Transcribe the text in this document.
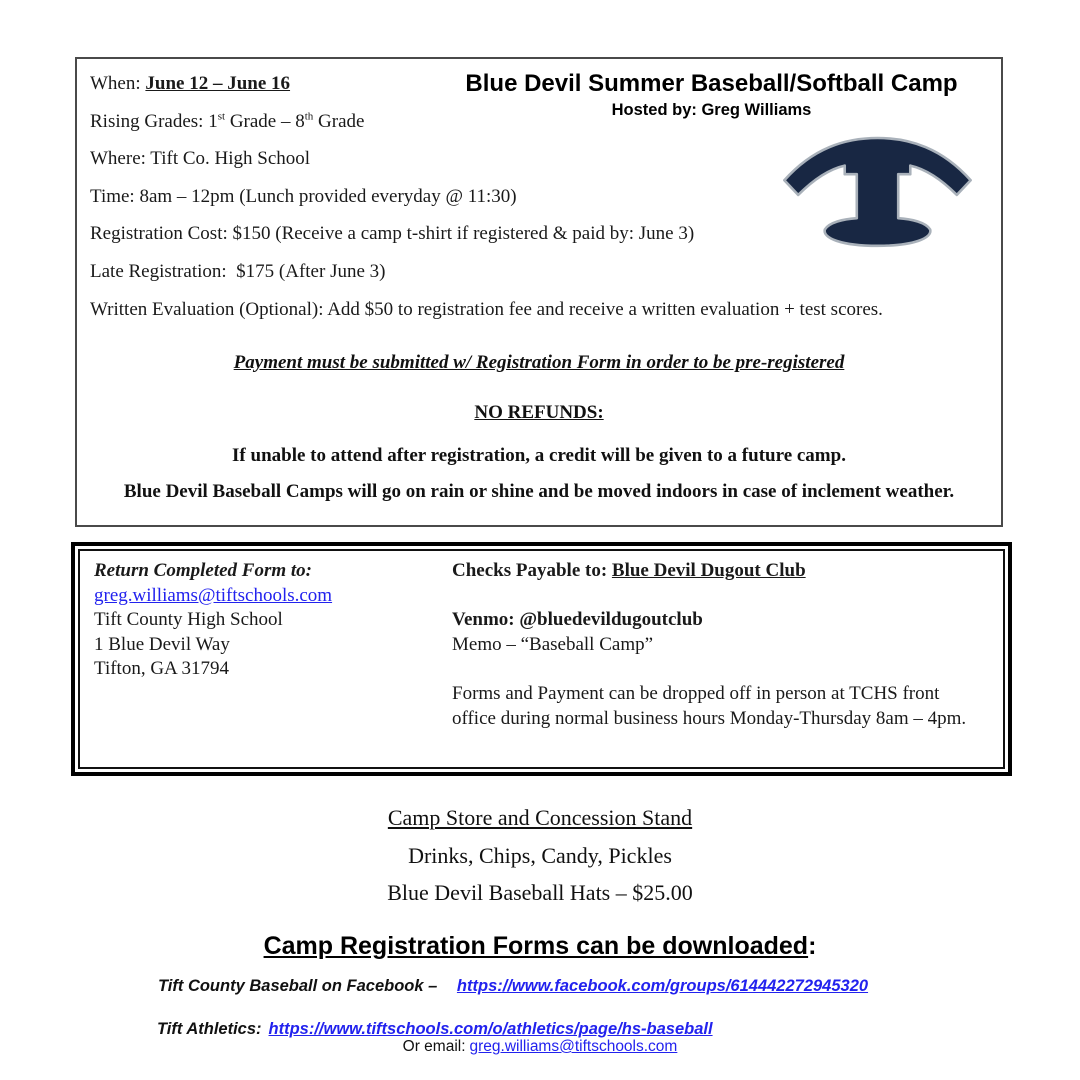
Blue Devil Summer Baseball/Softball Camp
Hosted by: Greg Williams
When: June 12 – June 16
Rising Grades: 1st Grade – 8th Grade
Where: Tift Co. High School
Time: 8am – 12pm (Lunch provided everyday @ 11:30)
Registration Cost: $150 (Receive a camp t-shirt if registered & paid by: June 3)
Late Registration:  $175 (After June 3)
Written Evaluation (Optional): Add $50 to registration fee and receive a written evaluation + test scores.
Payment must be submitted w/ Registration Form in order to be pre-registered
NO REFUNDS:
If unable to attend after registration, a credit will be given to a future camp.
Blue Devil Baseball Camps will go on rain or shine and be moved indoors in case of inclement weather.
Return Completed Form to:
greg.williams@tiftschools.com
Tift County High School
1 Blue Devil Way
Tifton, GA 31794
Checks Payable to: Blue Devil Dugout Club
Venmo: @bluedevildugoutclub
Memo – “Baseball Camp”
Forms and Payment can be dropped off in person at TCHS front office during normal business hours Monday-Thursday 8am – 4pm.
Camp Store and Concession Stand
Drinks, Chips, Candy, Pickles
Blue Devil Baseball Hats – $25.00
Camp Registration Forms can be downloaded:
Tift County Baseball on Facebook – https://www.facebook.com/groups/614442272945320
Tift Athletics: https://www.tiftschools.com/o/athletics/page/hs-baseball
Or email: greg.williams@tiftschools.com
